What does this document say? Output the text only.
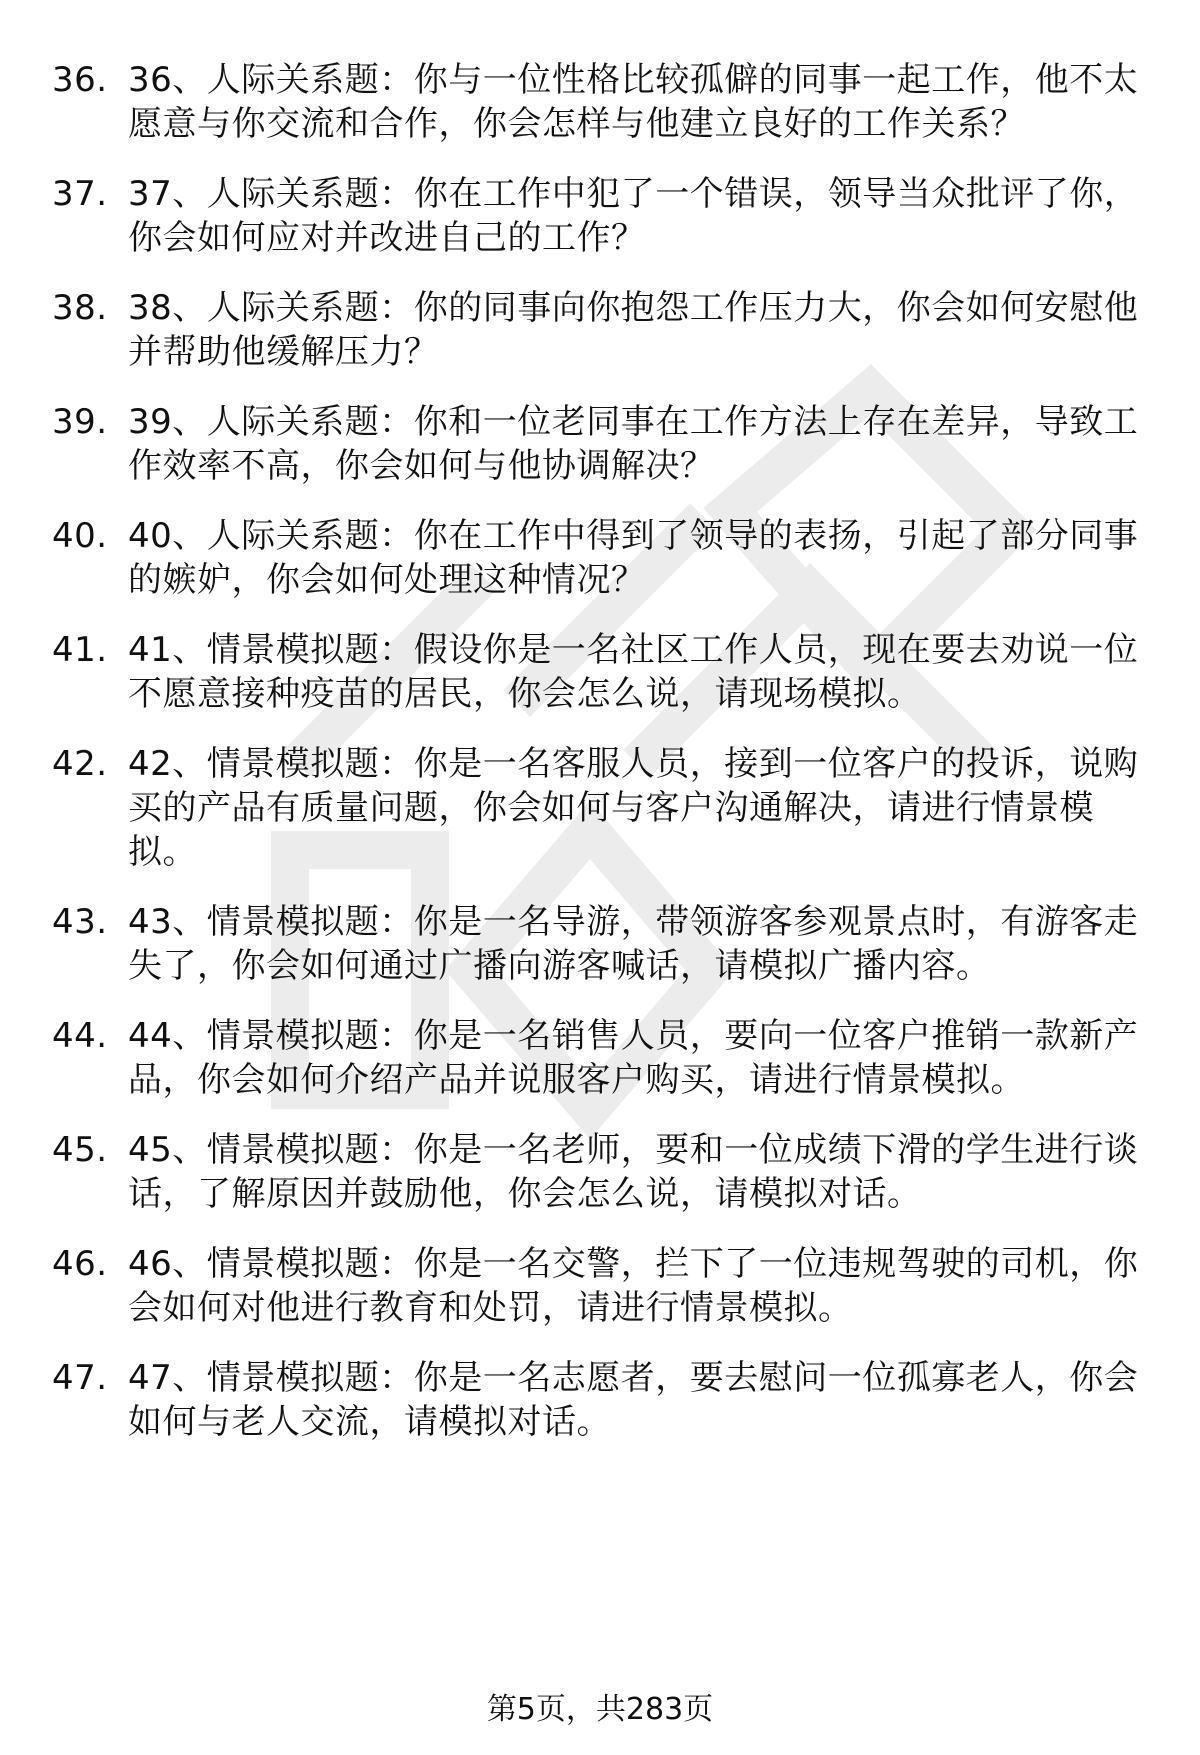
36. 36、人际关系题：你与一位性格比较孤僻的同事一起工作，他不太愿意与你交流和合作，你会怎样与他建立良好的工作关系？
37. 37、人际关系题：你在工作中犯了一个错误，领导当众批评了你，你会如何应对并改进自己的工作？
38. 38、人际关系题：你的同事向你抱怨工作压力大，你会如何安慰他并帮助他缓解压力？
39. 39、人际关系题：你和一位老同事在工作方法上存在差异，导致工作效率不高，你会如何与他协调解决？
40. 40、人际关系题：你在工作中得到了领导的表扬，引起了部分同事的嫉妒，你会如何处理这种情况？
41. 41、情景模拟题：假设你是一名社区工作人员，现在要去劝说一位不愿意接种疫苗的居民，你会怎么说，请现场模拟。
42. 42、情景模拟题：你是一名客服人员，接到一位客户的投诉，说购买的产品有质量问题，你会如何与客户沟通解决，请进行情景模拟。
43. 43、情景模拟题：你是一名导游，带领游客参观景点时，有游客走失了，你会如何通过广播向游客喊话，请模拟广播内容。
44. 44、情景模拟题：你是一名销售人员，要向一位客户推销一款新产品，你会如何介绍产品并说服客户购买，请进行情景模拟。
45. 45、情景模拟题：你是一名老师，要和一位成绩下滑的学生进行谈话，了解原因并鼓励他，你会怎么说，请模拟对话。
46. 46、情景模拟题：你是一名交警，拦下了一位违规驾驶的司机，你会如何对他进行教育和处罚，请进行情景模拟。
47. 47、情景模拟题：你是一名志愿者，要去慰问一位孤寡老人，你会如何与老人交流，请模拟对话。
第5页，共283页
